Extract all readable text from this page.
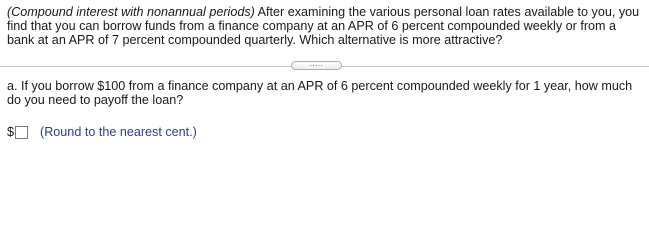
(Compound interest with nonannual periods) After examining the various personal loan rates available to you, you find that you can borrow funds from a finance company at an APR of 6 percent compounded weekly or from a bank at an APR of 7 percent compounded quarterly. Which alternative is more attractive?

.....

a. If you borrow $100 from a finance company at an APR of 6 percent compounded weekly for 1 year, how much do you need to payoff the loan?

$ (Round to the nearest cent.)
